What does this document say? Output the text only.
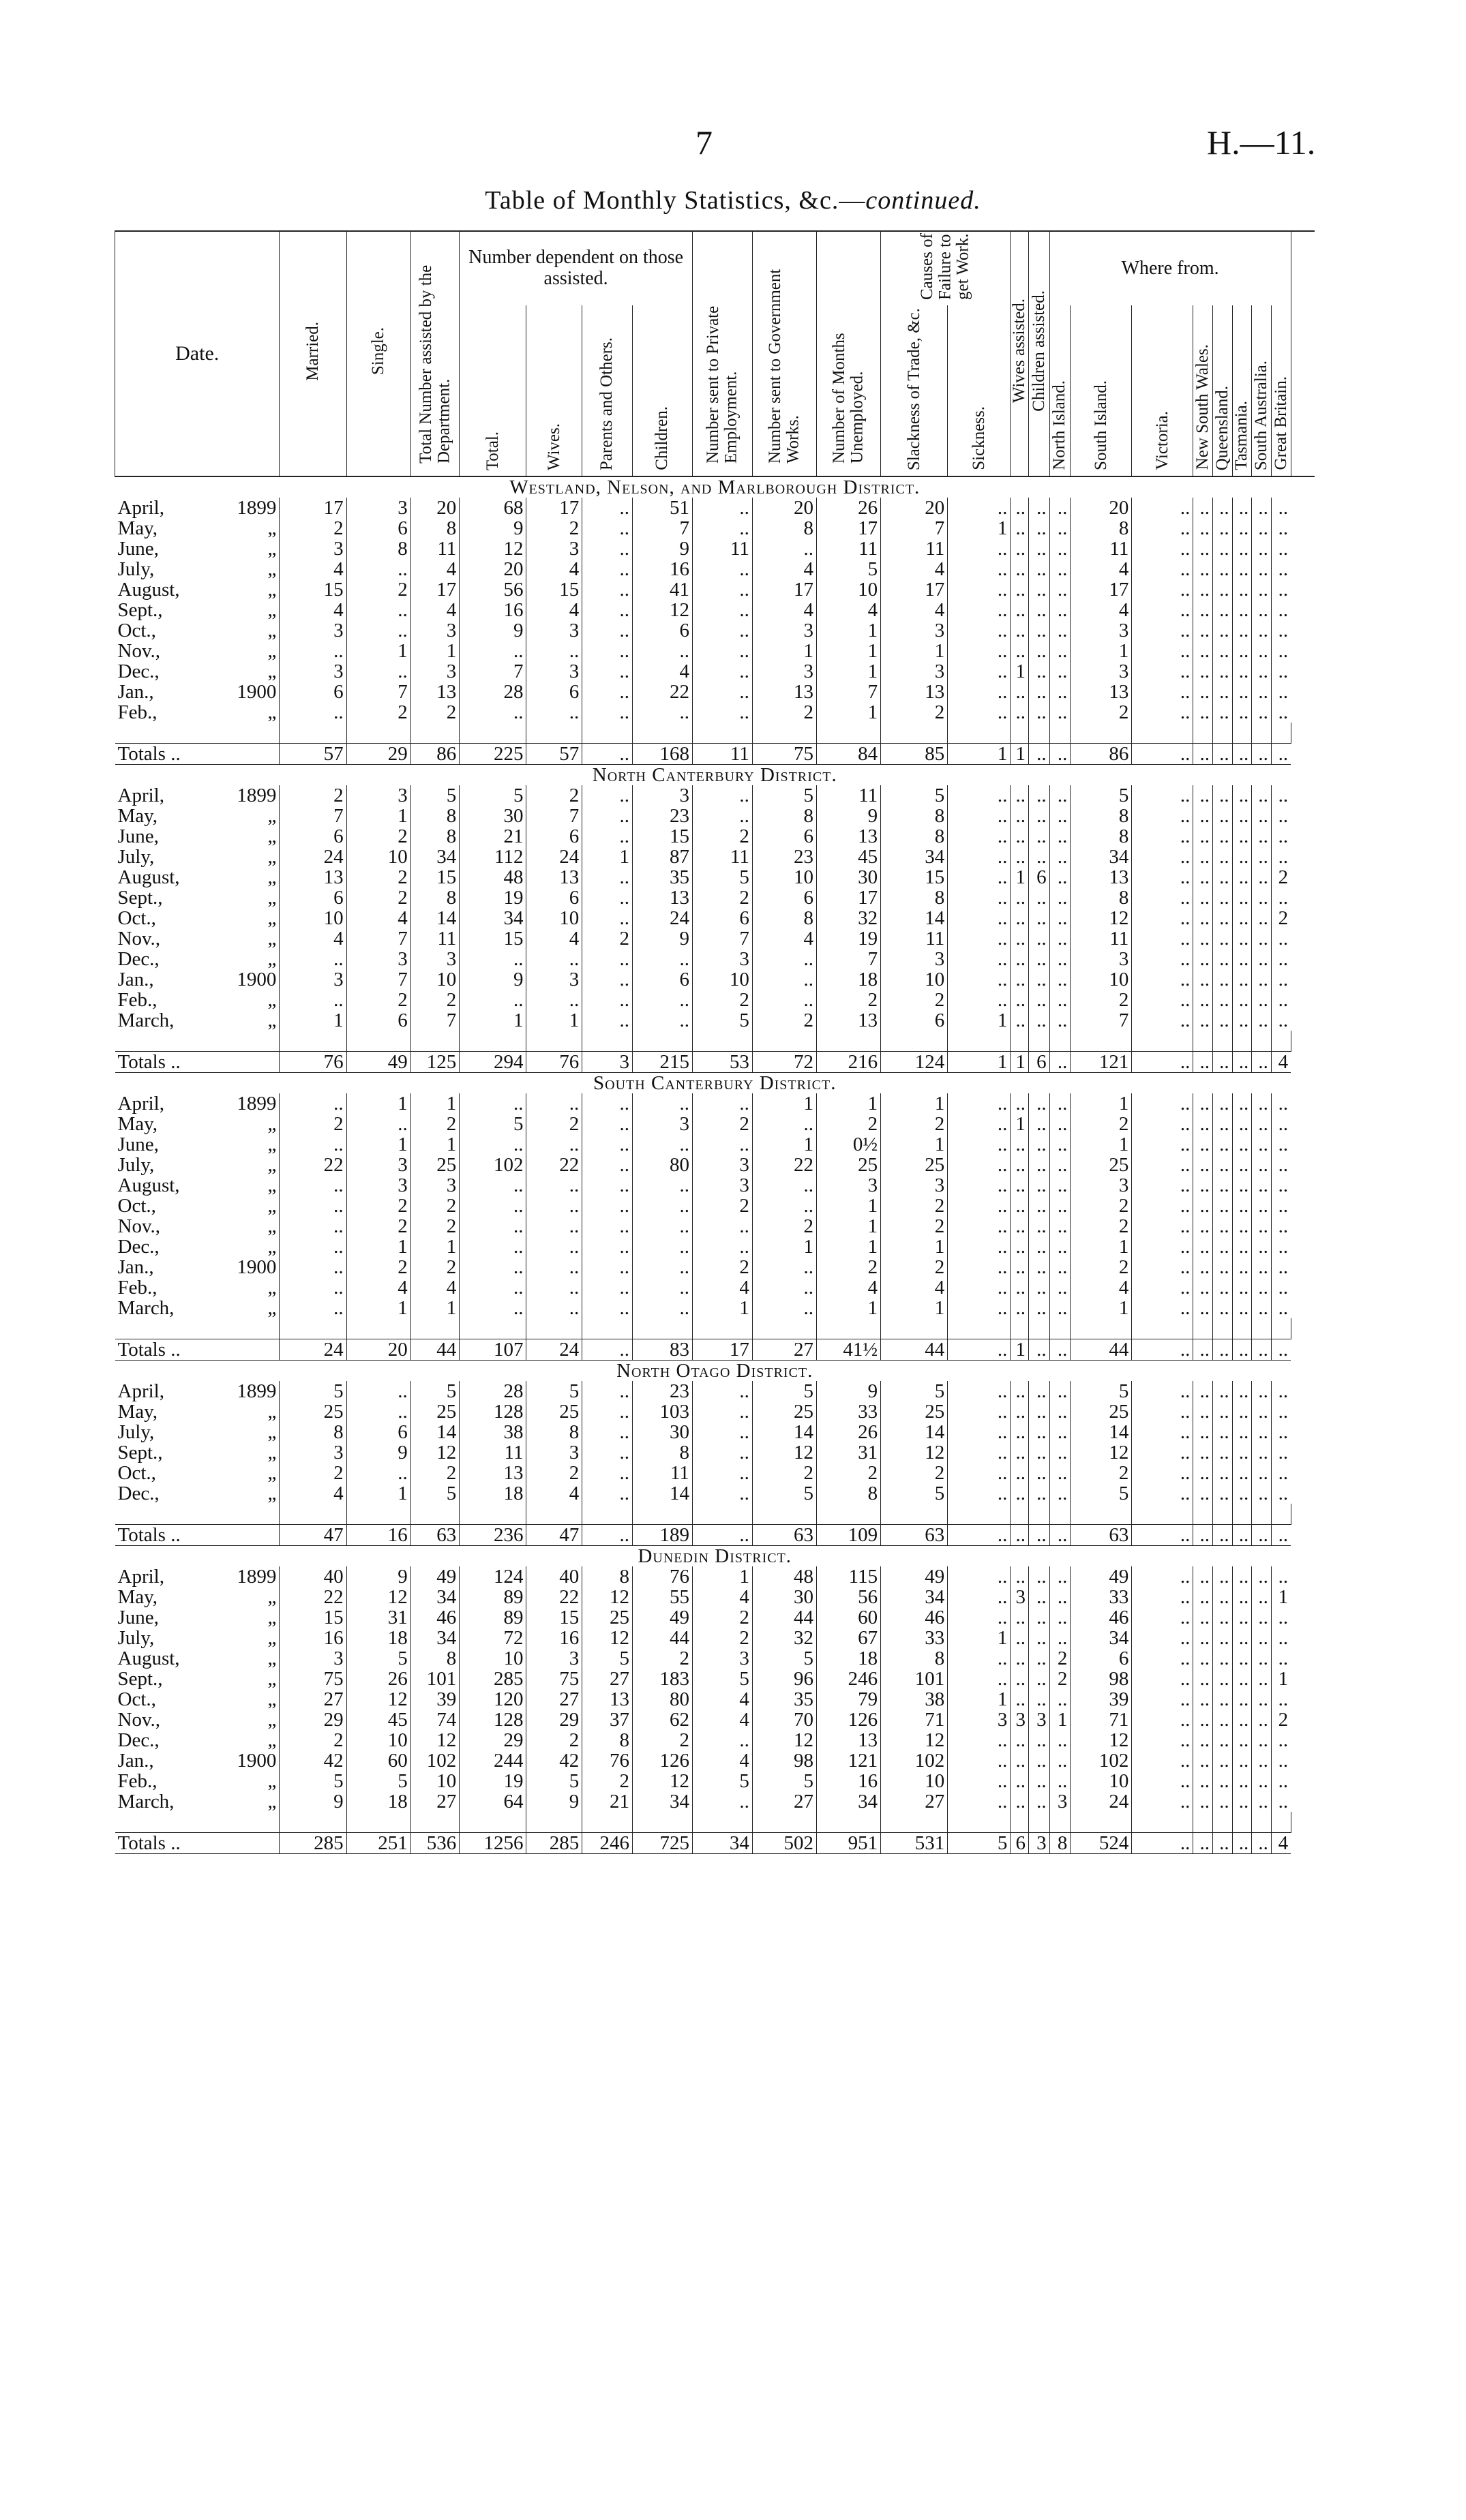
7	H.—11.
Table of Monthly Statistics, &c.—continued.
Date.	Married.	Single.	Total Number assisted by the Department.	Number dependent on those assisted.				Number sent to Private Employment.	Number sent to Government Works.	Number of Months Unemployed.	Causes of Failure to get Work.		Wives assisted.	Children assisted.	Where from.								
				Total.	Wives.	Parents and Others.	Children.				Slackness of Trade, &c.	Sickness.			North Island.	South Island.	Victoria.	New South Wales.	Queensland.	Tasmania.	South Australia.	Great Britain.	
Westland, Nelson, and Marlborough District.																							
April, 1899	17	3	20	68	17	..	51	..	20	26	20	..	..	..	..	20	..	..	..	..	..	..	
May, „	2	6	8	9	2	..	7	..	8	17	7	1	..	..	..	8	..	..	..	..	..	..	
June, „	3	8	11	12	3	..	9	11	..	11	11	..	..	..	..	11	..	..	..	..	..	..	
July, „	4	..	4	20	4	..	16	..	4	5	4	..	..	..	..	4	..	..	..	..	..	..	
August, „	15	2	17	56	15	..	41	..	17	10	17	..	..	..	..	17	..	..	..	..	..	..	
Sept., „	4	..	4	16	4	..	12	..	4	4	4	..	..	..	..	4	..	..	..	..	..	..	
Oct., „	3	..	3	9	3	..	6	..	3	1	3	..	..	..	..	3	..	..	..	..	..	..	
Nov., „	..	1	1	..	..	..	..	..	1	1	1	..	..	..	..	1	..	..	..	..	..	..	
Dec., „	3	..	3	7	3	..	4	..	3	1	3	..	1	..	..	3	..	..	..	..	..	..	
Jan., 1900	6	7	13	28	6	..	22	..	13	7	13	..	..	..	..	13	..	..	..	..	..	..	
Feb., „	..	2	2	..	..	..	..	..	2	1	2	..	..	..	..	2	..	..	..	..	..	..	

Totals ..	57	29	86	225	57	..	168	11	75	84	85	1	1	..	..	86	..	..	..	..	..	..	
North Canterbury District.																							
April, 1899	2	3	5	5	2	..	3	..	5	11	5	..	..	..	..	5	..	..	..	..	..	..	
May, „	7	1	8	30	7	..	23	..	8	9	8	..	..	..	..	8	..	..	..	..	..	..	
June, „	6	2	8	21	6	..	15	2	6	13	8	..	..	..	..	8	..	..	..	..	..	..	
July, „	24	10	34	112	24	1	87	11	23	45	34	..	..	..	..	34	..	..	..	..	..	..	
August, „	13	2	15	48	13	..	35	5	10	30	15	..	1	6	..	13	..	..	..	..	..	2	
Sept., „	6	2	8	19	6	..	13	2	6	17	8	..	..	..	..	8	..	..	..	..	..	..	
Oct., „	10	4	14	34	10	..	24	6	8	32	14	..	..	..	..	12	..	..	..	..	..	2	
Nov., „	4	7	11	15	4	2	9	7	4	19	11	..	..	..	..	11	..	..	..	..	..	..	
Dec., „	..	3	3	..	..	..	..	3	..	7	3	..	..	..	..	3	..	..	..	..	..	..	
Jan., 1900	3	7	10	9	3	..	6	10	..	18	10	..	..	..	..	10	..	..	..	..	..	..	
Feb., „	..	2	2	..	..	..	..	2	..	2	2	..	..	..	..	2	..	..	..	..	..	..	
March, „	1	6	7	1	1	..	..	5	2	13	6	1	..	..	..	7	..	..	..	..	..	..	

Totals ..	76	49	125	294	76	3	215	53	72	216	124	1	1	6	..	121	..	..	..	..	..	4	
South Canterbury District.																							
April, 1899	..	1	1	..	..	..	..	..	1	1	1	..	..	..	..	1	..	..	..	..	..	..	
May, „	2	..	2	5	2	..	3	2	..	2	2	..	1	..	..	2	..	..	..	..	..	..	
June, „	..	1	1	..	..	..	..	..	1	0½	1	..	..	..	..	1	..	..	..	..	..	..	
July, „	22	3	25	102	22	..	80	3	22	25	25	..	..	..	..	25	..	..	..	..	..	..	
August, „	..	3	3	..	..	..	..	3	..	3	3	..	..	..	..	3	..	..	..	..	..	..	
Oct., „	..	2	2	..	..	..	..	2	..	1	2	..	..	..	..	2	..	..	..	..	..	..	
Nov., „	..	2	2	..	..	..	..	..	2	1	2	..	..	..	..	2	..	..	..	..	..	..	
Dec., „	..	1	1	..	..	..	..	..	1	1	1	..	..	..	..	1	..	..	..	..	..	..	
Jan., 1900	..	2	2	..	..	..	..	2	..	2	2	..	..	..	..	2	..	..	..	..	..	..	
Feb., „	..	4	4	..	..	..	..	4	..	4	4	..	..	..	..	4	..	..	..	..	..	..	
March, „	..	1	1	..	..	..	..	1	..	1	1	..	..	..	..	1	..	..	..	..	..	..	

Totals ..	24	20	44	107	24	..	83	17	27	41½	44	..	1	..	..	44	..	..	..	..	..	..	
North Otago District.																							
April, 1899	5	..	5	28	5	..	23	..	5	9	5	..	..	..	..	5	..	..	..	..	..	..	
May, „	25	..	25	128	25	..	103	..	25	33	25	..	..	..	..	25	..	..	..	..	..	..	
July, „	8	6	14	38	8	..	30	..	14	26	14	..	..	..	..	14	..	..	..	..	..	..	
Sept., „	3	9	12	11	3	..	8	..	12	31	12	..	..	..	..	12	..	..	..	..	..	..	
Oct., „	2	..	2	13	2	..	11	..	2	2	2	..	..	..	..	2	..	..	..	..	..	..	
Dec., „	4	1	5	18	4	..	14	..	5	8	5	..	..	..	..	5	..	..	..	..	..	..	

Totals ..	47	16	63	236	47	..	189	..	63	109	63	..	..	..	..	63	..	..	..	..	..	..	
Dunedin District.																							
April, 1899	40	9	49	124	40	8	76	1	48	115	49	..	..	..	..	49	..	..	..	..	..	..	
May, „	22	12	34	89	22	12	55	4	30	56	34	..	3	..	..	33	..	..	..	..	..	1	
June, „	15	31	46	89	15	25	49	2	44	60	46	..	..	..	..	46	..	..	..	..	..	..	
July, „	16	18	34	72	16	12	44	2	32	67	33	1	..	..	..	34	..	..	..	..	..	..	
August, „	3	5	8	10	3	5	2	3	5	18	8	..	..	..	2	6	..	..	..	..	..	..	
Sept., „	75	26	101	285	75	27	183	5	96	246	101	..	..	..	2	98	..	..	..	..	..	1	
Oct., „	27	12	39	120	27	13	80	4	35	79	38	1	..	..	..	39	..	..	..	..	..	..	
Nov., „	29	45	74	128	29	37	62	4	70	126	71	3	3	3	1	71	..	..	..	..	..	2	
Dec., „	2	10	12	29	2	8	2	..	12	13	12	..	..	..	..	12	..	..	..	..	..	..	
Jan., 1900	42	60	102	244	42	76	126	4	98	121	102	..	..	..	..	102	..	..	..	..	..	..	
Feb., „	5	5	10	19	5	2	12	5	5	16	10	..	..	..	..	10	..	..	..	..	..	..	
March, „	9	18	27	64	9	21	34	..	27	34	27	..	..	..	3	24	..	..	..	..	..	..	

Totals ..	285	251	536	1256	285	246	725	34	502	951	531	5	6	3	8	524	..	..	..	..	..	4	
